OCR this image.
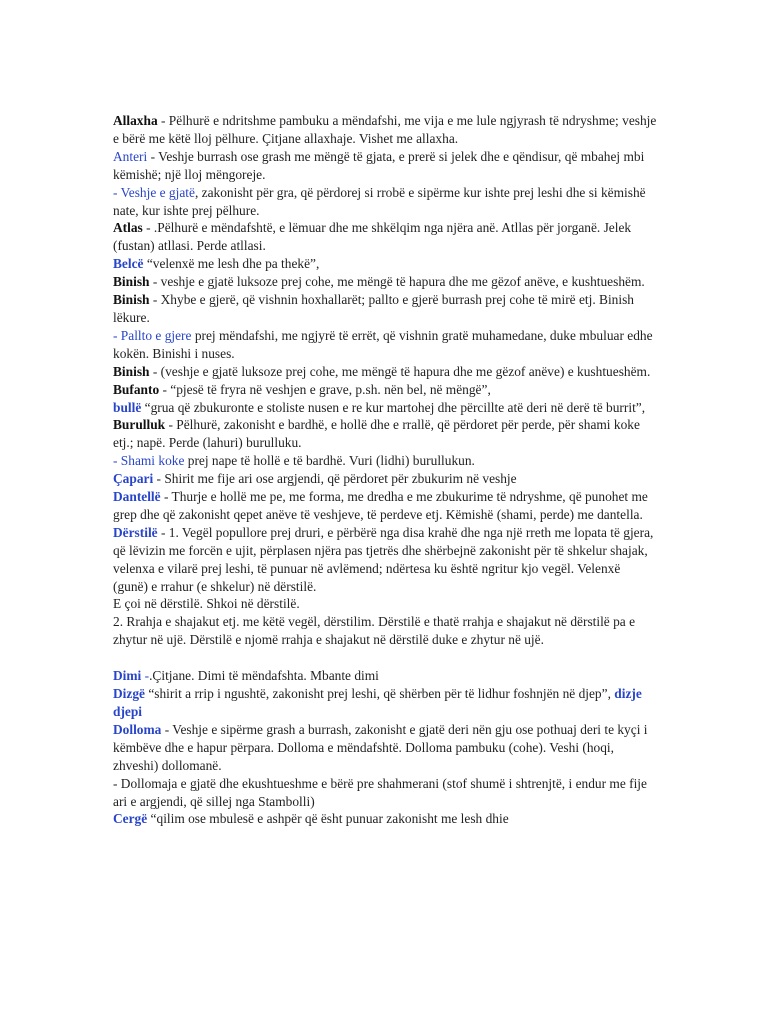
Allaxha - Pëlhurë e ndritshme pambuku a mëndafshi, me vija e me lule ngjyrash të ndryshme; veshje e bërë me këtë lloj pëlhure. Çitjane allaxhaje. Vishet me allaxha.

Anteri - Veshje burrash ose grash me mëngë të gjata, e prerë si jelek dhe e qëndisur, që mbahej mbi këmishë; një lloj mëngoreje.

- Veshje e gjatë, zakonisht për gra, që përdorej si rrobë e sipërme kur ishte prej leshi dhe si këmishë nate, kur ishte prej pëlhure.

Atlas - .Pëlhurë e mëndafshtë, e lëmuar dhe me shkëlqim nga njëra anë. Atllas për jorganë. Jelek (fustan) atllasi. Perde atllasi.

Belcë “velenxë me lesh dhe pa thekë”,

Binish - veshje e gjatë luksoze prej cohe, me mëngë të hapura dhe me gëzof anëve, e kushtueshëm.

Binish - Xhybe e gjerë, që vishnin hoxhallarët; pallto e gjerë burrash prej cohe të mirë etj. Binish lëkure.

- Pallto e gjere prej mëndafshi, me ngjyrë të errët, që vishnin gratë muhamedane, duke mbuluar edhe kokën. Binishi i nuses.

Binish - (veshje e gjatë luksoze prej cohe, me mëngë të hapura dhe me gëzof anëve) e kushtueshëm.

Bufanto - “pjesë të fryra në veshjen e grave, p.sh. nën bel, në mëngë”,

bullë “grua që zbukuronte e stoliste nusen e re kur martohej dhe përcillte atë deri në derë të burrit”,

Burulluk - Pëlhurë, zakonisht e bardhë, e hollë dhe e rrallë, që përdoret për perde, për shami koke etj.; napë. Perde (lahuri) burulluku.

- Shami koke prej nape të hollë e të bardhë. Vuri (lidhi) burullukun.

Çapari - Shirit me fije ari ose argjendi, që përdoret për zbukurim në veshje

Dantellë - Thurje e hollë me pe, me forma, me dredha e me zbukurime të ndryshme, që punohet me grep dhe që zakonisht qepet anëve të veshjeve, të perdeve etj. Këmishë (shami, perde) me dantella.

Dërstilë - 1. Vegël popullore prej druri, e përbërë nga disa krahë dhe nga një rreth me lopata të gjera, që lëvizin me forcën e ujit, përplasen njëra pas tjetrës dhe shërbejnë zakonisht për të shkelur shajak, velenxa e vilarë prej leshi, të punuar në avlëmend; ndërtesa ku është ngritur kjo vegël. Velenxë (gunë) e rrahur (e shkelur) në dërstilë.

E çoi në dërstilë. Shkoi në dërstilë.

2. Rrahja e shajakut etj. me këtë vegël, dërstilim. Dërstilë e thatë rrahja e shajakut në dërstilë pa e zhytur në ujë. Dërstilë e njomë rrahja e shajakut në dërstilë duke e zhytur në ujë.

Dimi -.Çitjane. Dimi të mëndafshta. Mbante dimi

Dizgë “shirit a rrip i ngushtë, zakonisht prej leshi, që shërben për të lidhur foshnjën në djep”, dizje djepi

Dolloma - Veshje e sipërme grash a burrash, zakonisht e gjatë deri nën gju ose pothuaj deri te kyçi i këmbëve dhe e hapur përpara. Dolloma e mëndafshtë. Dolloma pambuku (cohe). Veshi (hoqi, zhveshi) dollomanë.

- Dollomaja e gjatë dhe ekushtueshme e bërë pre shahmerani (stof shumë i shtrenjtë, i endur me fije ari e argjendi, që sillej nga Stambolli)

Cergë “qilim ose mbulesë e ashpër që ësht punuar zakonisht me lesh dhie
